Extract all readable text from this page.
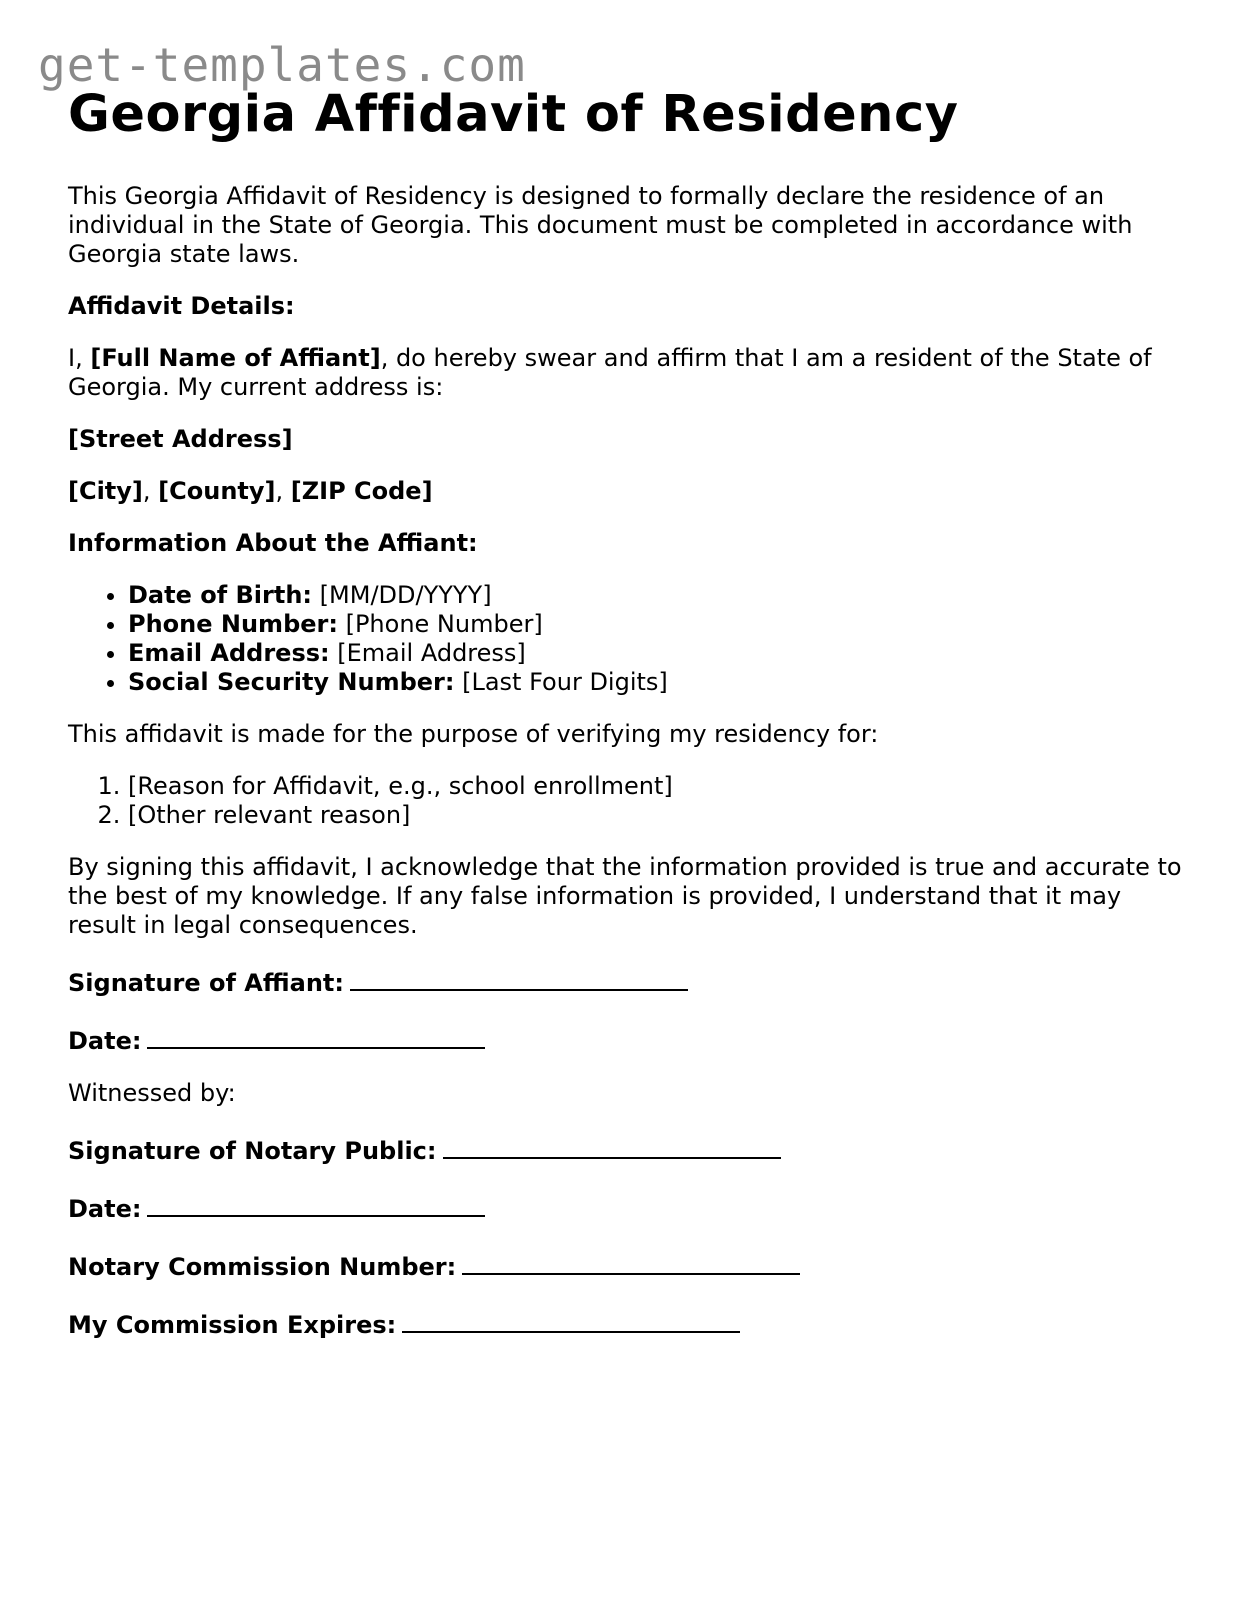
get-templates.com
Georgia Affidavit of Residency

This Georgia Affidavit of Residency is designed to formally declare the residence of an individual in the State of Georgia. This document must be completed in accordance with Georgia state laws.

Affidavit Details:

I, [Full Name of Affiant], do hereby swear and affirm that I am a resident of the State of Georgia. My current address is:

[Street Address]

[City], [County], [ZIP Code]

Information About the Affiant:

• Date of Birth: [MM/DD/YYYY]
• Phone Number: [Phone Number]
• Email Address: [Email Address]
• Social Security Number: [Last Four Digits]

This affidavit is made for the purpose of verifying my residency for:

1. [Reason for Affidavit, e.g., school enrollment]
2. [Other relevant reason]

By signing this affidavit, I acknowledge that the information provided is true and accurate to the best of my knowledge. If any false information is provided, I understand that it may result in legal consequences.

Signature of Affiant:

Date:

Witnessed by:

Signature of Notary Public:

Date:

Notary Commission Number:

My Commission Expires:
